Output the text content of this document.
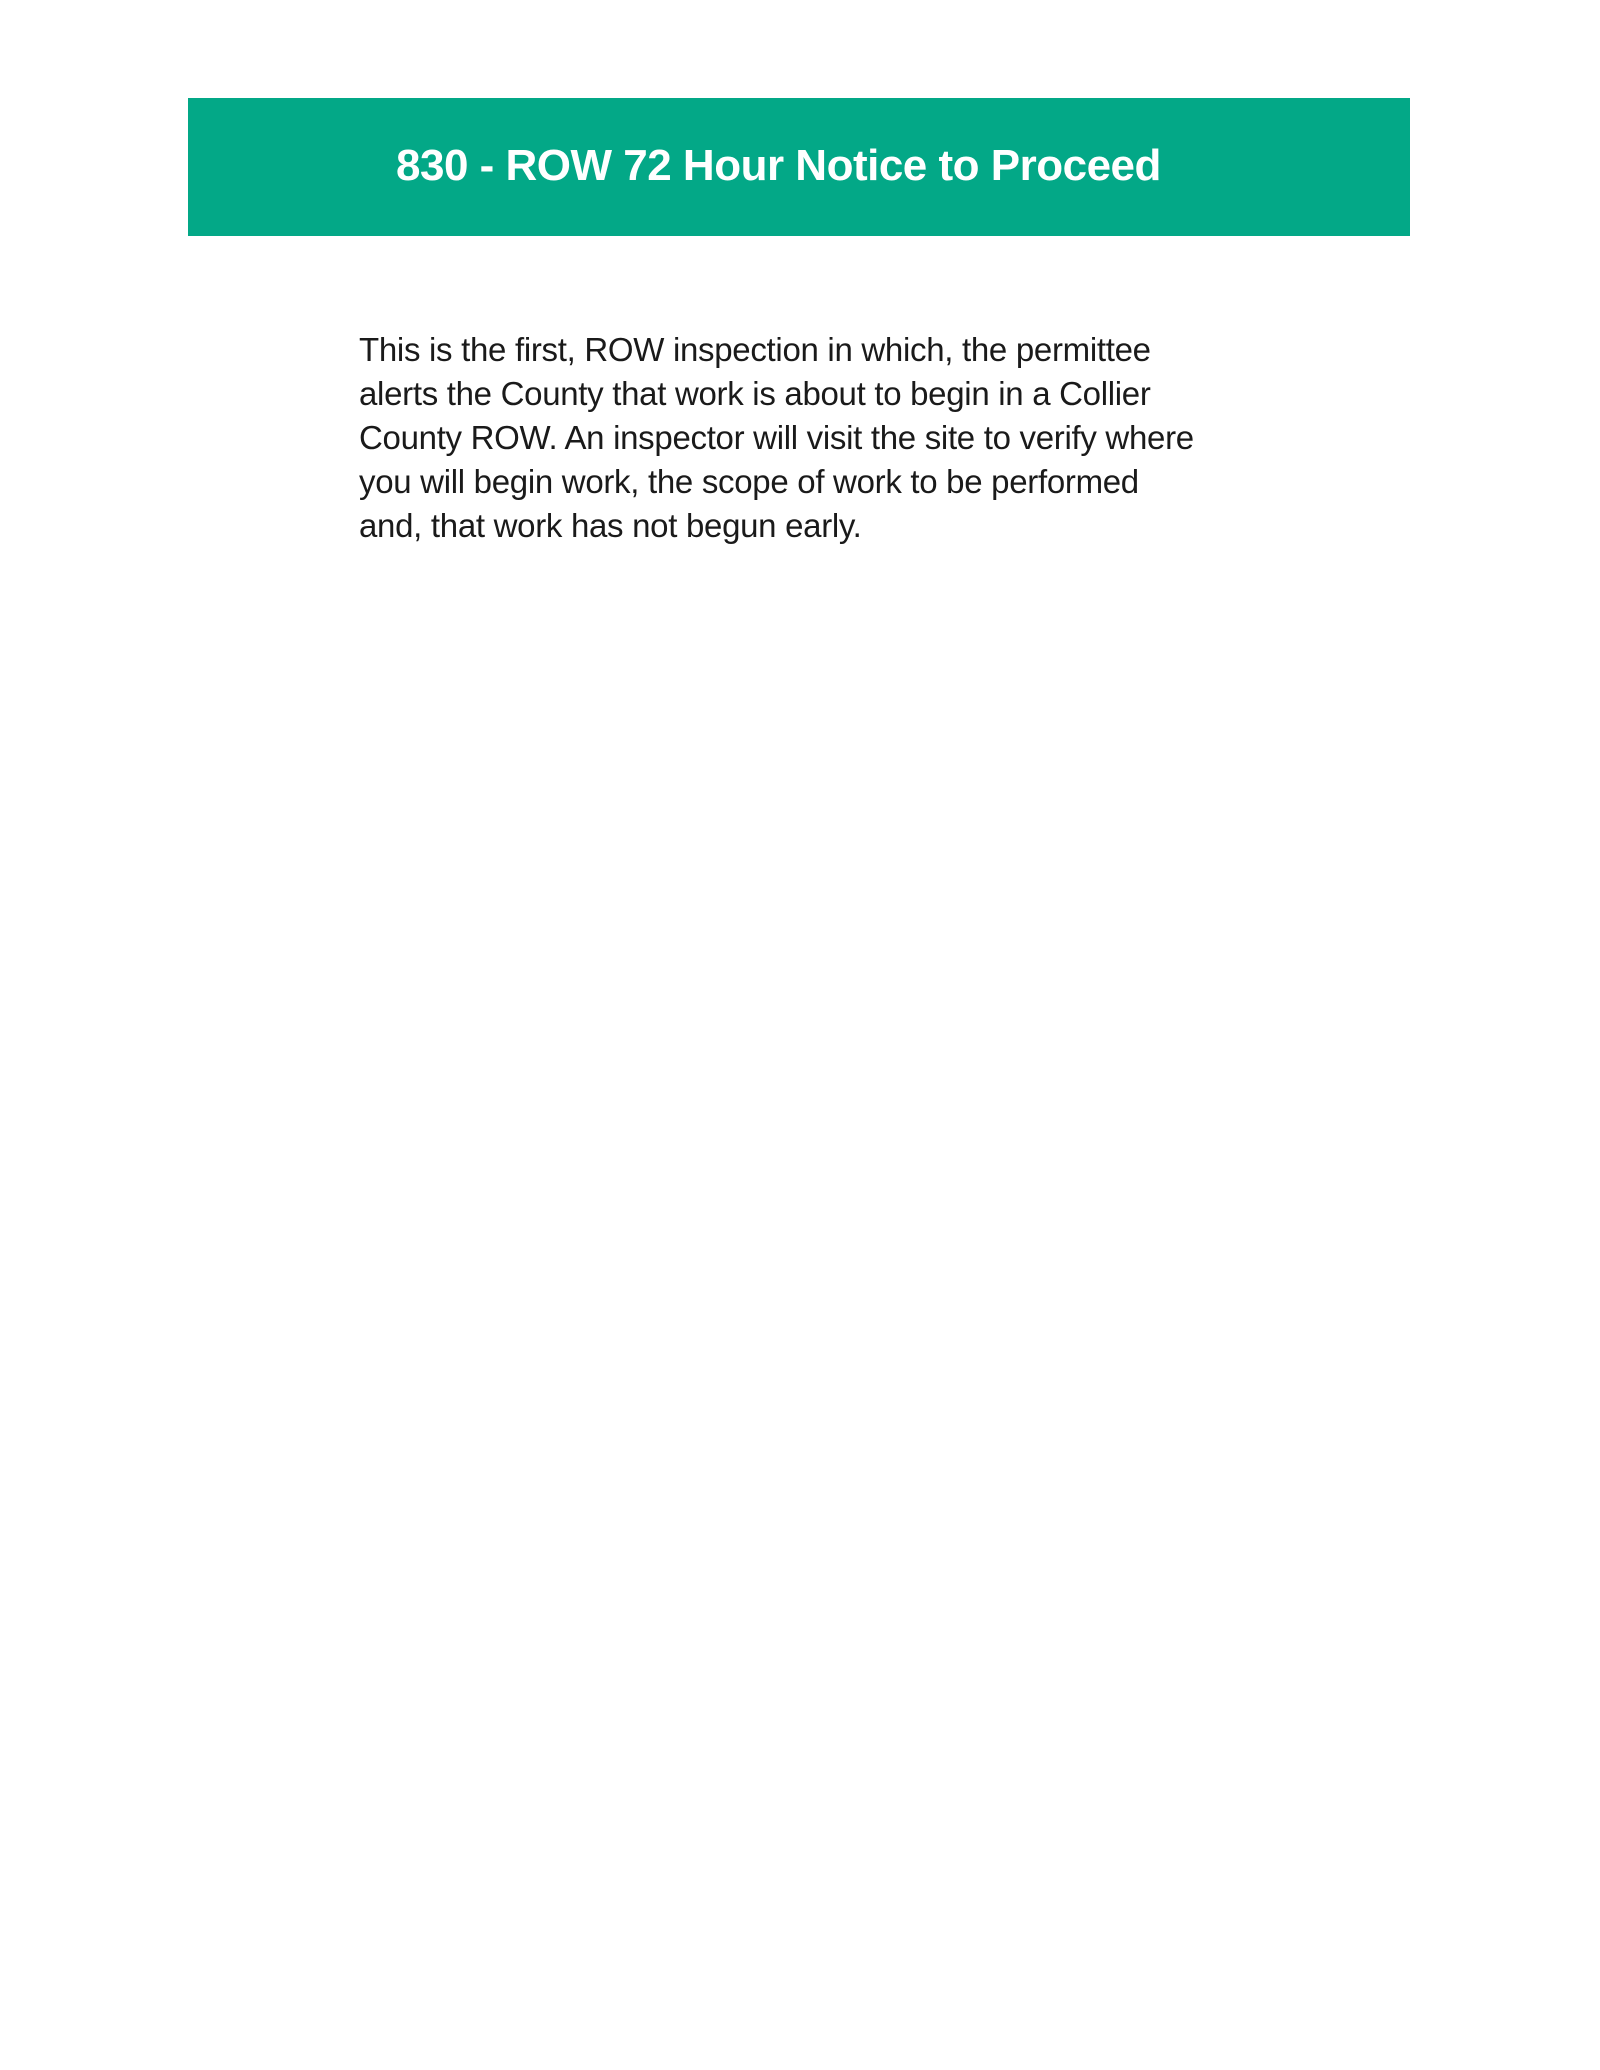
830 - ROW 72 Hour Notice to Proceed

This is the first, ROW inspection in which, the permittee
alerts the County that work is about to begin in a Collier
County ROW. An inspector will visit the site to verify where
you will begin work, the scope of work to be performed
and, that work has not begun early.
